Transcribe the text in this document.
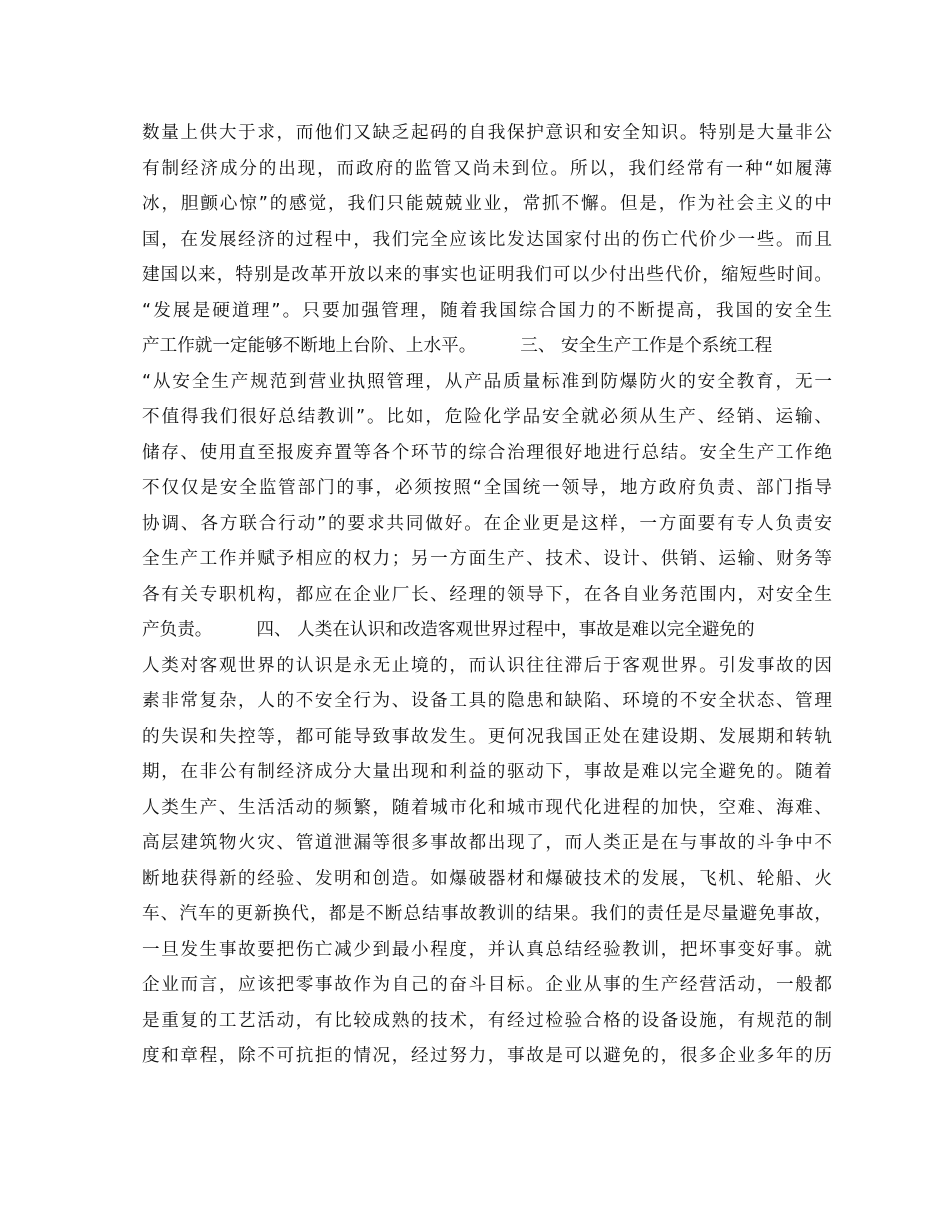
数量上供大于求，而他们又缺乏起码的自我保护意识和安全知识。特别是大量非公
有制经济成分的出现，而政府的监管又尚未到位。所以，我们经常有一种“如履薄
冰，胆颤心惊”的感觉，我们只能兢兢业业，常抓不懈。但是，作为社会主义的中
国，在发展经济的过程中，我们完全应该比发达国家付出的伤亡代价少一些。而且
建国以来，特别是改革开放以来的事实也证明我们可以少付出些代价，缩短些时间。
“发展是硬道理”。只要加强管理，随着我国综合国力的不断提高，我国的安全生
产工作就一定能够不断地上台阶、上水平。　　　三、 安全生产工作是个系统工程
“从安全生产规范到营业执照管理，从产品质量标准到防爆防火的安全教育，无一
不值得我们很好总结教训”。比如，危险化学品安全就必须从生产、经销、运输、
储存、使用直至报废弃置等各个环节的综合治理很好地进行总结。安全生产工作绝
不仅仅是安全监管部门的事，必须按照“全国统一领导，地方政府负责、部门指导
协调、各方联合行动”的要求共同做好。在企业更是这样，一方面要有专人负责安
全生产工作并赋予相应的权力；另一方面生产、技术、设计、供销、运输、财务等
各有关专职机构，都应在企业厂长、经理的领导下，在各自业务范围内，对安全生
产负责。　　　四、 人类在认识和改造客观世界过程中，事故是难以完全避免的
人类对客观世界的认识是永无止境的，而认识往往滞后于客观世界。引发事故的因
素非常复杂，人的不安全行为、设备工具的隐患和缺陷、环境的不安全状态、管理
的失误和失控等，都可能导致事故发生。更何况我国正处在建设期、发展期和转轨
期，在非公有制经济成分大量出现和利益的驱动下，事故是难以完全避免的。随着
人类生产、生活活动的频繁，随着城市化和城市现代化进程的加快，空难、海难、
高层建筑物火灾、管道泄漏等很多事故都出现了，而人类正是在与事故的斗争中不
断地获得新的经验、发明和创造。如爆破器材和爆破技术的发展，飞机、轮船、火
车、汽车的更新换代，都是不断总结事故教训的结果。我们的责任是尽量避免事故，
一旦发生事故要把伤亡减少到最小程度，并认真总结经验教训，把坏事变好事。就
企业而言，应该把零事故作为自己的奋斗目标。企业从事的生产经营活动，一般都
是重复的工艺活动，有比较成熟的技术，有经过检验合格的设备设施，有规范的制
度和章程，除不可抗拒的情况，经过努力，事故是可以避免的，很多企业多年的历
